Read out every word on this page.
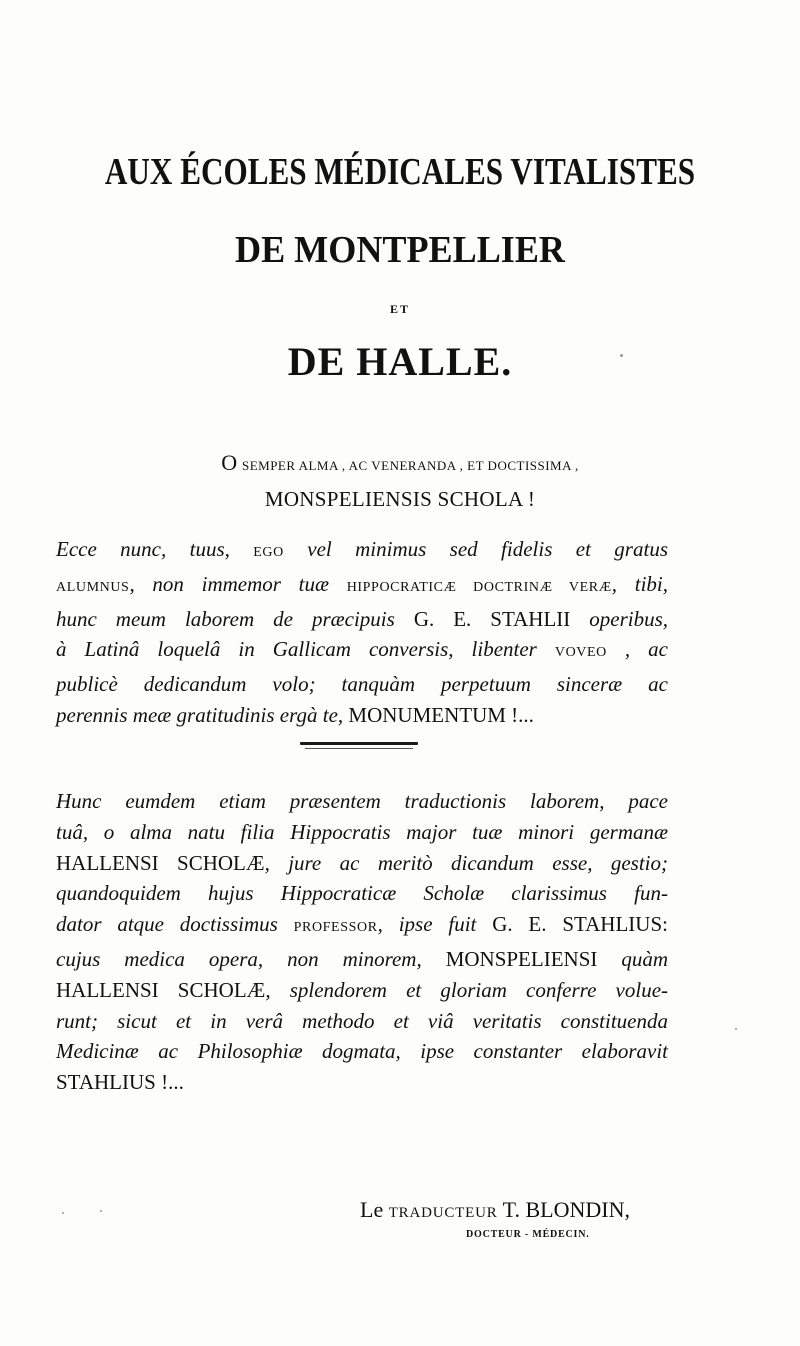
AUX ÉCOLES MÉDICALES VITALISTES
DE MONTPELLIER
ET
DE HALLE.
O SEMPER ALMA , AC VENERANDA , ET DOCTISSIMA ,
MONSPELIENSIS SCHOLA !
Ecce nunc, tuus, EGO vel minimus sed fidelis et gratus
ALUMNUS, non immemor tuæ HIPPOCRATICÆ DOCTRINÆ VERÆ, tibi,
hunc meum laborem de præcipuis G. E. STAHLII operibus,
à Latinâ loquelâ in Gallicam conversis, libenter VOVEO , ac
publicè dedicandum volo; tanquàm perpetuum sinceræ ac
perennis meæ gratitudinis ergà te, MONUMENTUM !...
Hunc eumdem etiam præsentem traductionis laborem, pace
tuâ, o alma natu filia Hippocratis major tuæ minori germanæ
HALLENSI SCHOLÆ, jure ac meritò dicandum esse, gestio;
quandoquidem hujus Hippocraticæ Scholæ clarissimus fun-
dator atque doctissimus PROFESSOR, ipse fuit G. E. STAHLIUS:
cujus medica opera, non minorem, MONSPELIENSI quàm
HALLENSI SCHOLÆ, splendorem et gloriam conferre volue-
runt; sicut et in verâ methodo et viâ veritatis constituenda
Medicinæ ac Philosophiæ dogmata, ipse constanter elaboravit
STAHLIUS !...
Le TRADUCTEUR T. BLONDIN,
DOCTEUR - MÉDECIN.
